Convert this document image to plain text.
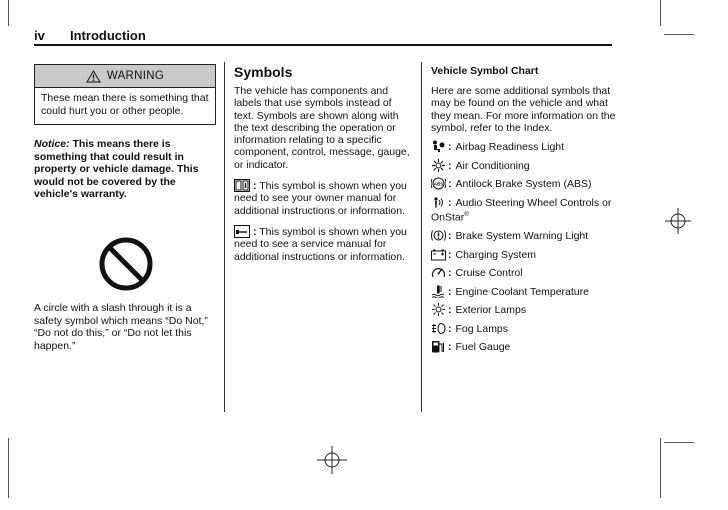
iv Introduction
WARNING
These mean there is something that could hurt you or other people.
Notice: This means there is something that could result in property or vehicle damage. This would not be covered by the vehicle's warranty.
A circle with a slash through it is a safety symbol which means “Do Not,” “Do not do this,” or “Do not let this happen.”
Symbols

The vehicle has components and labels that use symbols instead of text. Symbols are shown along with the text describing the operation or information relating to a specific component, control, message, gauge, or indicator.

: This symbol is shown when you need to see your owner manual for additional instructions or information.

: This symbol is shown when you need to see a service manual for additional instructions or information.

Vehicle Symbol Chart

Here are some additional symbols that may be found on the vehicle and what they mean. For more information on the symbol, refer to the Index.

: Airbag Readiness Light

: Air Conditioning

ABS : Antilock Brake System (ABS)

: Audio Steering Wheel Controls or OnStar®

: Brake System Warning Light

: Charging System

: Cruise Control

: Engine Coolant Temperature

: Exterior Lamps

: Fog Lamps

: Fuel Gauge
